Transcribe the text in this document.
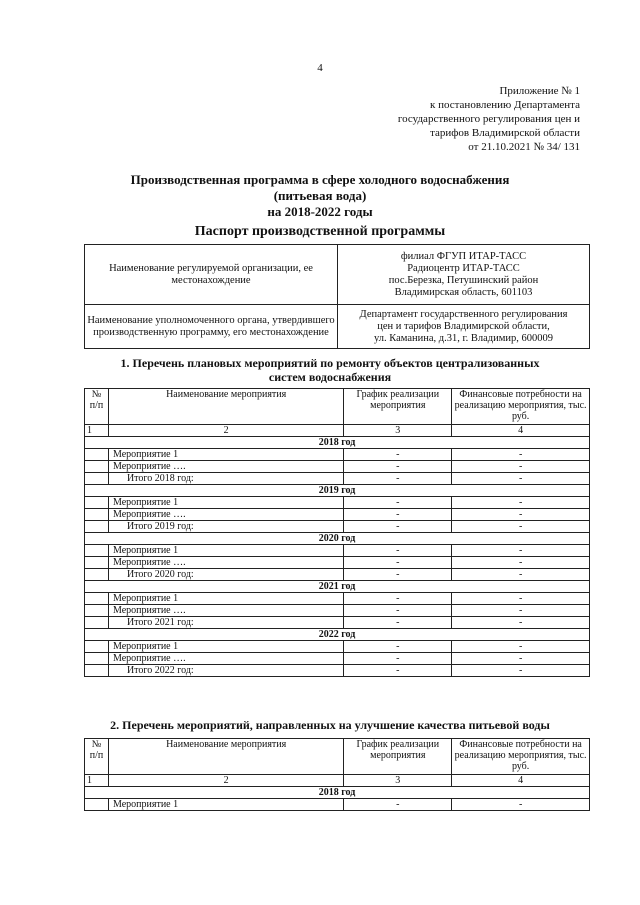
4
Приложение № 1
к постановлению Департамента
государственного регулирования цен и
тарифов Владимирской области
от 21.10.2021 № 34/ 131
Производственная программа в сфере холодного водоснабжения
(питьевая вода)
на 2018-2022 годы
Паспорт производственной программы
Наименование регулируемой организации, ее местонахождение	филиал ФГУП ИТАР-ТАСС
Радиоцентр ИТАР-ТАСС
пос.Березка, Петушинский район
Владимирская область, 601103

Наименование уполномоченного органа, утвердившего производственную программу, его местонахождение	Департамент государственного регулирования
цен и тарифов Владимирской области,
ул. Каманина, д.31, г. Владимир, 600009
1. Перечень плановых мероприятий по ремонту объектов централизованных
систем водоснабжения
№ п/п	Наименование мероприятия	График реализации мероприятия	Финансовые потребности на реализацию мероприятия, тыс. руб.
1	2	3	4
2018 год			
	Мероприятие 1	-	-
	Мероприятие ….	-	-
	Итого 2018 год:	-	-
2019 год			
	Мероприятие 1	-	-
	Мероприятие ….	-	-
	Итого 2019 год:	-	-
2020 год			
	Мероприятие 1	-	-
	Мероприятие ….	-	-
	Итого 2020 год:	-	-
2021 год			
	Мероприятие 1	-	-
	Мероприятие ….	-	-
	Итого 2021 год:	-	-
2022 год			
	Мероприятие 1	-	-
	Мероприятие ….	-	-
	Итого 2022 год:	-	-
2. Перечень мероприятий, направленных на улучшение качества питьевой воды
№ п/п	Наименование мероприятия	График реализации мероприятия	Финансовые потребности на реализацию мероприятия, тыс. руб.
1	2	3	4
2018 год			
	Мероприятие 1	-	-
